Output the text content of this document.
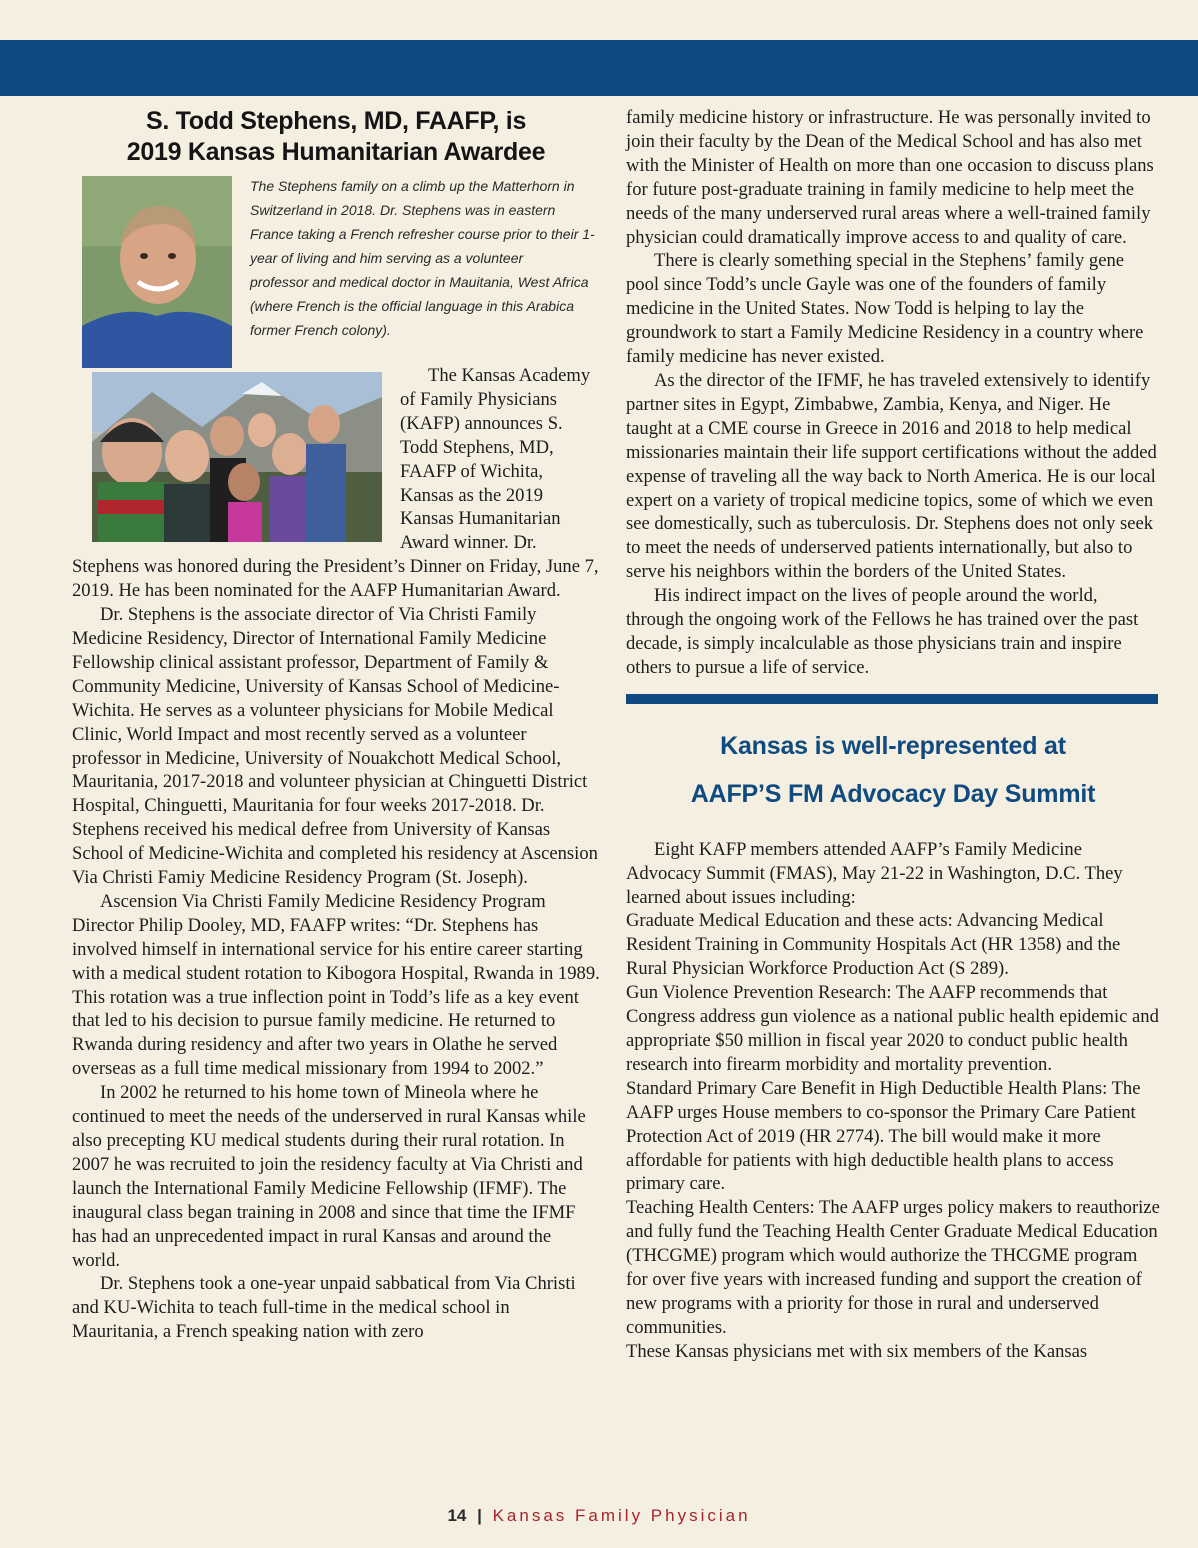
S. Todd Stephens, MD, FAAFP, is
2019 Kansas Humanitarian Awardee
The Stephens family on a climb up the Matterhorn in Switzerland in 2018. Dr. Stephens was in eastern France taking a French refresher course prior to their 1-year of living and him serving as a volunteer
professor and medical doctor in Mauitania, West Africa (where French is the official language in this Arabica former French colony).

The Kansas Academy of Family Physicians (KAFP) announces S. Todd Stephens, MD, FAAFP of Wichita, Kansas as the 2019 Kansas Humanitarian Award winner. Dr. Stephens was honored during the President’s Dinner on Friday, June 7, 2019. He has been nominated for the AAFP Humanitarian Award.

Dr. Stephens is the associate director of Via Christi Family Medicine Residency, Director of International Family Medicine Fellowship clinical assistant professor, Department of Family & Community Medicine, University of Kansas School of Medicine-Wichita. He serves as a volunteer physicians for Mobile Medical Clinic, World Impact and most recently served as a volunteer professor in Medicine, University of Nouakchott Medical School, Mauritania, 2017-2018 and volunteer physician at Chinguetti District Hospital, Chinguetti, Mauritania for four weeks 2017-2018. Dr. Stephens received his medical defree from University of Kansas School of Medicine-Wichita and completed his residency at Ascension Via Christi Famiy Medicine Residency Program (St. Joseph).

Ascension Via Christi Family Medicine Residency Program Director Philip Dooley, MD, FAAFP writes: “Dr. Stephens has involved himself in international service for his entire career starting with a medical student rotation to Kibogora Hospital, Rwanda in 1989. This rotation was a true inflection point in Todd’s life as a key event that led to his decision to pursue family medicine. He returned to Rwanda during residency and after two years in Olathe he served overseas as a full time medical missionary from 1994 to 2002.”

In 2002 he returned to his home town of Mineola where he continued to meet the needs of the underserved in rural Kansas while also precepting KU medical students during their rural rotation. In 2007 he was recruited to join the residency faculty at Via Christi and launch the International Family Medicine Fellowship (IFMF). The inaugural class began training in 2008 and since that time the IFMF has had an unprecedented impact in rural Kansas and around the world.

Dr. Stephens took a one-year unpaid sabbatical from Via Christi and KU-Wichita to teach full-time in the medical school in Mauritania, a French speaking nation with zero

family medicine history or infrastructure. He was personally invited to join their faculty by the Dean of the Medical School and has also met with the Minister of Health on more than one occasion to discuss plans for future post-graduate training in family medicine to help meet the needs of the many underserved rural areas where a well-trained family physician could dramatically improve access to and quality of care.

There is clearly something special in the Stephens’ family gene pool since Todd’s uncle Gayle was one of the founders of family medicine in the United States. Now Todd is helping to lay the groundwork to start a Family Medicine Residency in a country where family medicine has never existed.

As the director of the IFMF, he has traveled extensively to identify partner sites in Egypt, Zimbabwe, Zambia, Kenya, and Niger. He taught at a CME course in Greece in 2016 and 2018 to help medical missionaries maintain their life support certifications without the added expense of traveling all the way back to North America. He is our local expert on a variety of tropical medicine topics, some of which we even see domestically, such as tuberculosis. Dr. Stephens does not only seek to meet the needs of underserved patients internationally, but also to serve his neighbors within the borders of the United States.

His indirect impact on the lives of people around the world, through the ongoing work of the Fellows he has trained over the past decade, is simply incalculable as those physicians train and inspire others to pursue a life of service.

Kansas is well-represented at
AAFP’S FM Advocacy Day Summit

Eight KAFP members attended AAFP’s Family Medicine Advocacy Summit (FMAS), May 21-22 in Washington, D.C. They learned about issues including:

Graduate Medical Education and these acts: Advancing Medical Resident Training in Community Hospitals Act (HR 1358) and the Rural Physician Workforce Production Act (S 289).

Gun Violence Prevention Research: The AAFP recommends that Congress address gun violence as a national public health epidemic and appropriate $50 million in fiscal year 2020 to conduct public health research into firearm morbidity and mortality prevention.

Standard Primary Care Benefit in High Deductible Health Plans: The AAFP urges House members to co-sponsor the Primary Care Patient Protection Act of 2019 (HR 2774). The bill would make it more affordable for patients with high deductible health plans to access primary care.

Teaching Health Centers: The AAFP urges policy makers to reauthorize and fully fund the Teaching Health Center Graduate Medical Education (THCGME) program which would authorize the THCGME program for over five years with increased funding and support the creation of new programs with a priority for those in rural and underserved communities.

These Kansas physicians met with six members of the Kansas

14 | Kansas Family Physician
